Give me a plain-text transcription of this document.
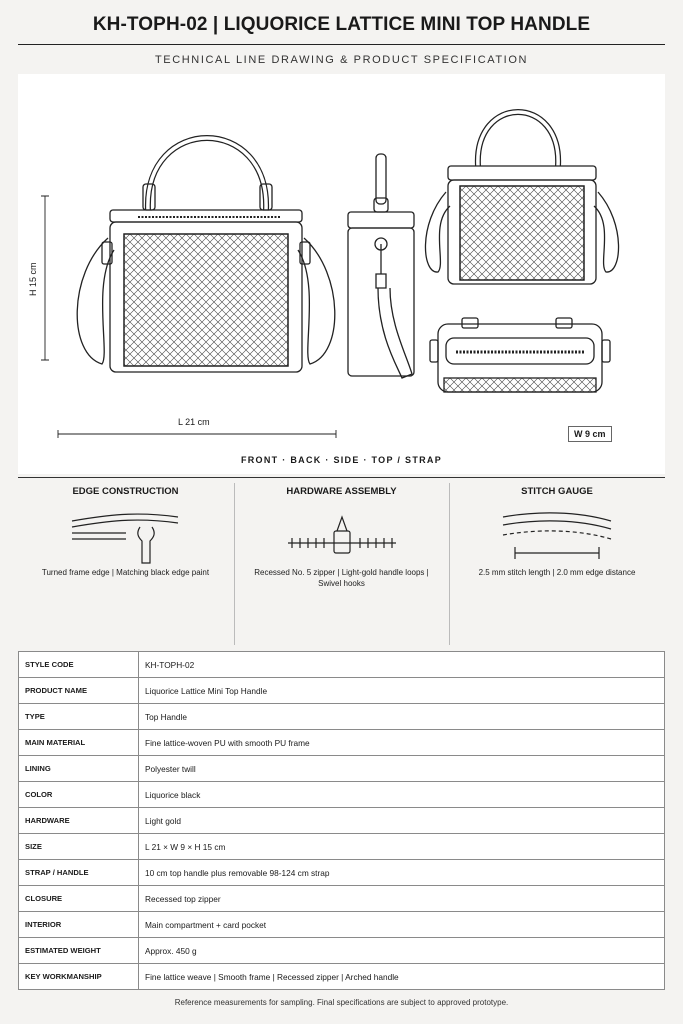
KH-TOPH-02 | LIQUORICE LATTICE MINI TOP HANDLE
TECHNICAL LINE DRAWING & PRODUCT SPECIFICATION
L 21 cm
H 15 cm
W 9 cm
FRONT · BACK · SIDE · TOP / STRAP
EDGE CONSTRUCTION
Turned frame edge | Matching black edge paint
HARDWARE ASSEMBLY
Recessed No. 5 zipper | Light-gold handle loops | Swivel hooks
STITCH GAUGE
2.5 mm stitch length | 2.0 mm edge distance
STYLE CODE	KH-TOPH-02
PRODUCT NAME	Liquorice Lattice Mini Top Handle
TYPE	Top Handle
MAIN MATERIAL	Fine lattice-woven PU with smooth PU frame
LINING	Polyester twill
COLOR	Liquorice black
HARDWARE	Light gold
SIZE	L 21 × W 9 × H 15 cm
STRAP / HANDLE	10 cm top handle plus removable 98-124 cm strap
CLOSURE	Recessed top zipper
INTERIOR	Main compartment + card pocket
ESTIMATED WEIGHT	Approx. 450 g
KEY WORKMANSHIP	Fine lattice weave | Smooth frame | Recessed zipper | Arched handle
Reference measurements for sampling. Final specifications are subject to approved prototype.
